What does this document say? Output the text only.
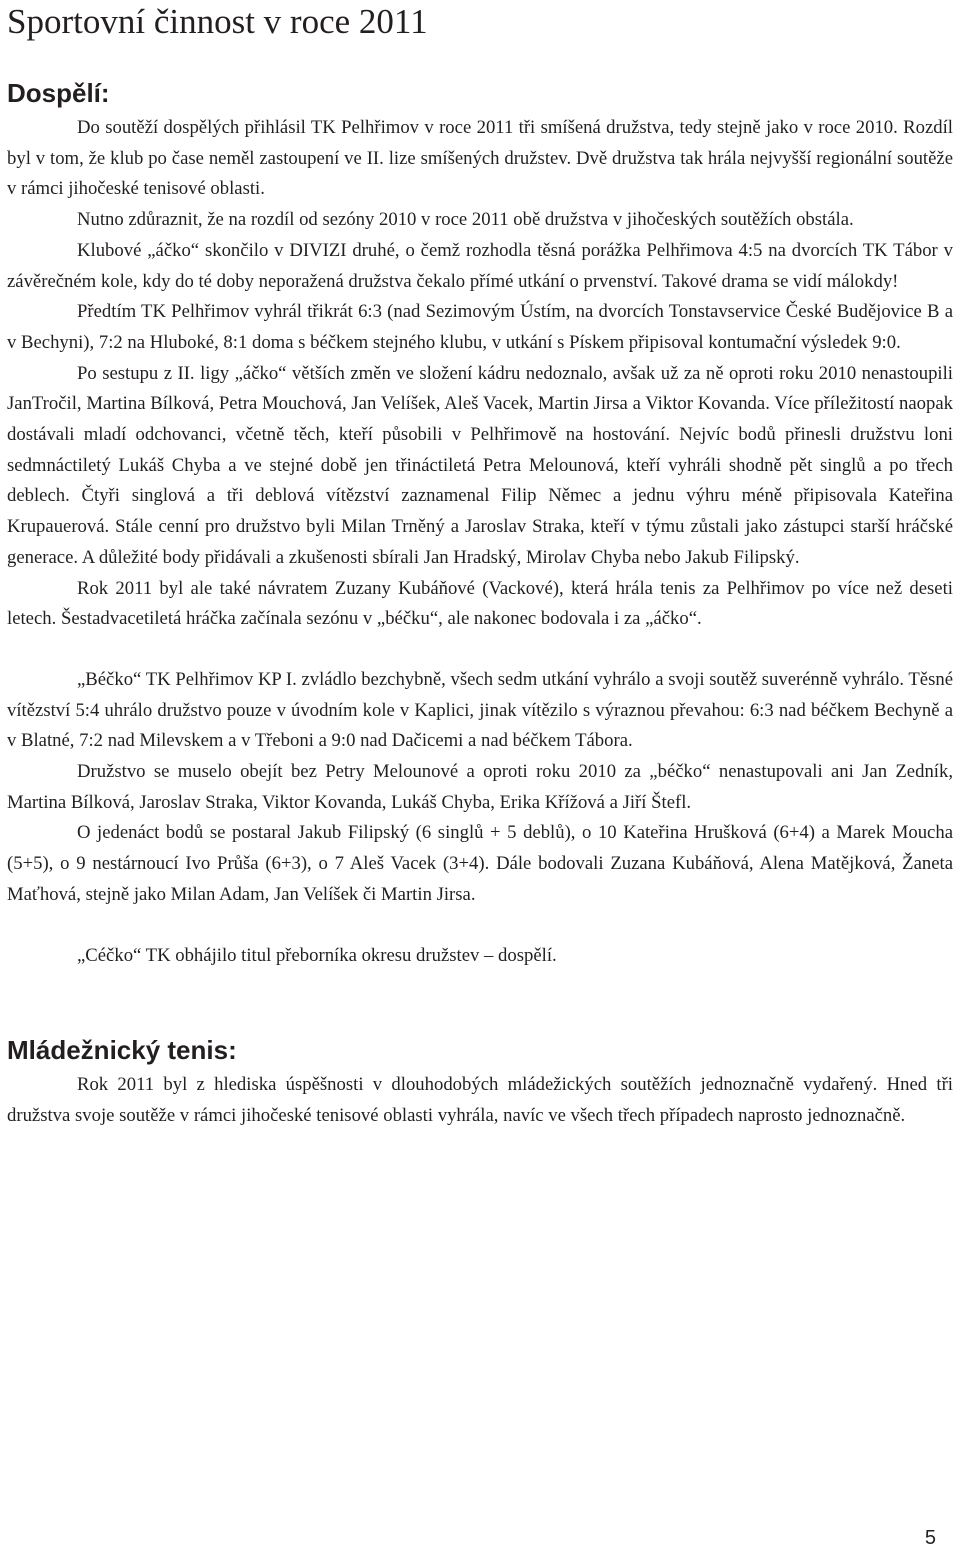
Sportovní činnost v roce 2011
Dospělí:

Do soutěží dospělých přihlásil TK Pelhřimov v roce 2011 tři smíšená družstva, tedy stejně jako v roce 2010. Rozdíl byl v tom, že klub po čase neměl zastoupení ve II. lize smíšených družstev. Dvě družstva tak hrála nejvyšší regionální soutěže v rámci jihočeské tenisové oblasti.

Nutno zdůraznit, že na rozdíl od sezóny 2010 v roce 2011 obě družstva v jihočeských soutěžích obstála.

Klubové „áčko“ skončilo v DIVIZI druhé, o čemž rozhodla těsná porážka Pelhřimova 4:5 na dvorcích TK Tábor v závěrečném kole, kdy do té doby neporažená družstva čekalo přímé utkání o prvenství. Takové drama se vidí málokdy!

Předtím TK Pelhřimov vyhrál třikrát 6:3 (nad Sezimovým Ústím, na dvorcích Tonstavservice České Budějovice B a v Bechyni), 7:2 na Hluboké, 8:1 doma s béčkem stejného klubu, v utkání s Pískem připisoval kontumační výsledek 9:0.

Po sestupu z II. ligy „áčko“ větších změn ve složení kádru nedoznalo, avšak už za ně oproti roku 2010 nenastoupili JanTročil, Martina Bílková, Petra Mouchová, Jan Velíšek, Aleš Vacek, Martin Jirsa a Viktor Kovanda. Více příležitostí naopak dostávali mladí odchovanci, včetně těch, kteří působili v Pelhřimově na hostování. Nejvíc bodů přinesli družstvu loni sedmnáctiletý Lukáš Chyba a ve stejné době jen třináctiletá Petra Melounová, kteří vyhráli shodně pět singlů a po třech deblech. Čtyři singlová a tři deblová vítězství zaznamenal Filip Němec a jednu výhru méně připisovala Kateřina Krupauerová. Stále cenní pro družstvo byli Milan Trněný a Jaroslav Straka, kteří v týmu zůstali jako zástupci starší hráčské generace. A důležité body přidávali a zkušenosti sbírali Jan Hradský, Mirolav Chyba nebo Jakub Filipský.

Rok 2011 byl ale také návratem Zuzany Kubáňové (Vackové), která hrála tenis za Pelhřimov po více než deseti letech. Šestadvacetiletá hráčka začínala sezónu v „béčku“, ale nakonec bodovala i za „áčko“.

„Béčko“ TK Pelhřimov KP I. zvládlo bezchybně, všech sedm utkání vyhrálo a svoji soutěž suverénně vyhrálo. Těsné vítězství 5:4 uhrálo družstvo pouze v úvodním kole v Kaplici, jinak vítězilo s výraznou převahou: 6:3 nad béčkem Bechyně a v Blatné, 7:2 nad Milevskem a v Třeboni a 9:0 nad Dačicemi a nad béčkem Tábora.

Družstvo se muselo obejít bez Petry Melounové a oproti roku 2010 za „béčko“ nenastupovali ani Jan Zedník, Martina Bílková, Jaroslav Straka, Viktor Kovanda, Lukáš Chyba, Erika Křížová a Jiří Štefl.

O jedenáct bodů se postaral Jakub Filipský (6 singlů + 5 deblů), o 10 Kateřina Hrušková (6+4) a Marek Moucha (5+5), o 9 nestárnoucí Ivo Průša (6+3), o 7 Aleš Vacek (3+4). Dále bodovali Zuzana Kubáňová, Alena Matějková, Žaneta Maťhová, stejně jako Milan Adam, Jan Velíšek či Martin Jirsa.

„Céčko“ TK obhájilo titul přeborníka okresu družstev – dospělí.

Mládežnický tenis:

Rok 2011 byl z hlediska úspěšnosti v dlouhodobých mládežických soutěžích jednoznačně vydařený. Hned tři družstva svoje soutěže v rámci jihočeské tenisové oblasti vyhrála, navíc ve všech třech případech naprosto jednoznačně.

5
